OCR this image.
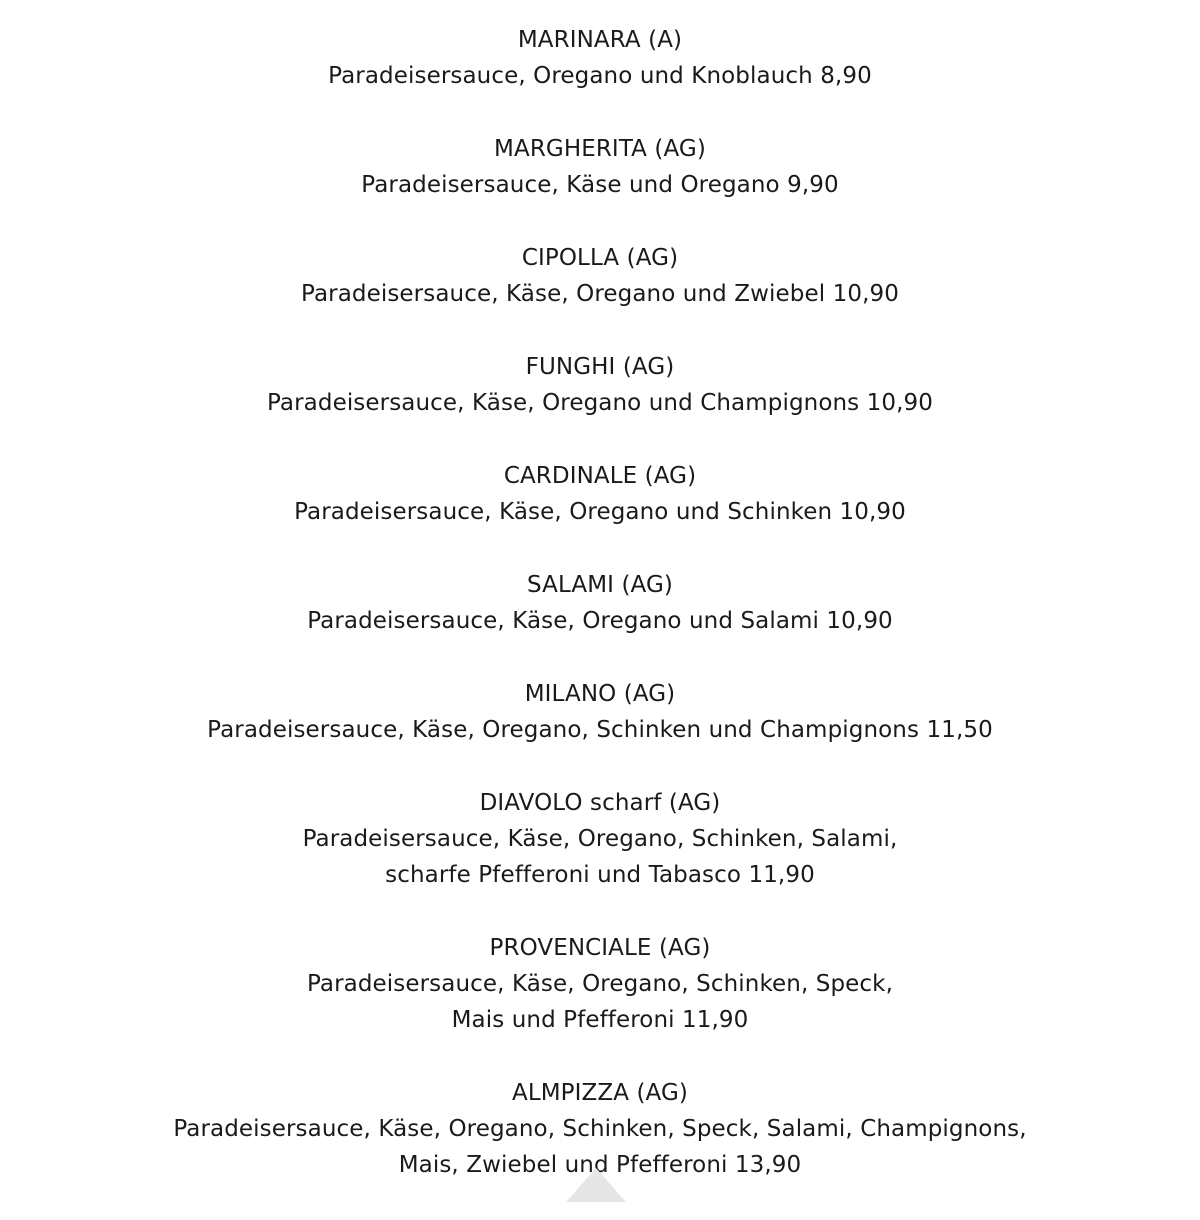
MARINARA (A)
Paradeisersauce, Oregano und Knoblauch 8,90
MARGHERITA (AG)
Paradeisersauce, Käse und Oregano 9,90
CIPOLLA (AG)
Paradeisersauce, Käse, Oregano und Zwiebel 10,90
FUNGHI (AG)
Paradeisersauce, Käse, Oregano und Champignons 10,90
CARDINALE (AG)
Paradeisersauce, Käse, Oregano und Schinken 10,90
SALAMI (AG)
Paradeisersauce, Käse, Oregano und Salami 10,90
MILANO (AG)
Paradeisersauce, Käse, Oregano, Schinken und Champignons 11,50
DIAVOLO scharf (AG)
Paradeisersauce, Käse, Oregano, Schinken, Salami,
scharfe Pfefferoni und Tabasco 11,90
PROVENCIALE (AG)
Paradeisersauce, Käse, Oregano, Schinken, Speck,
Mais und Pfefferoni 11,90
ALMPIZZA (AG)
Paradeisersauce, Käse, Oregano, Schinken, Speck, Salami, Champignons,
Mais, Zwiebel und Pfefferoni 13,90
